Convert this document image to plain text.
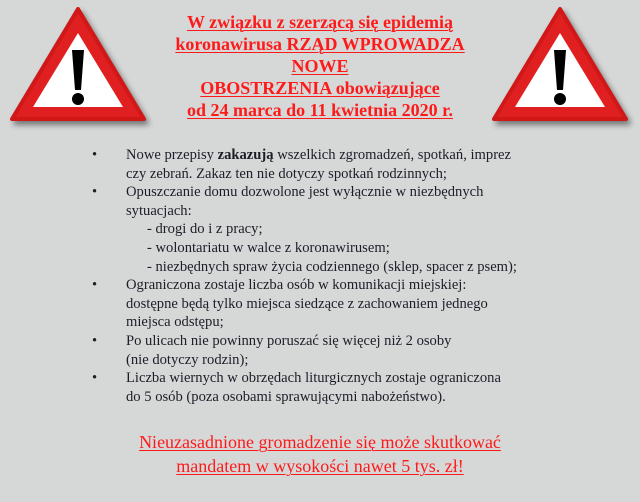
W związku z szerzącą się epidemią
koronawirusa RZĄD WPROWADZA NOWE
OBOSTRZENIA obowiązujące
od 24 marca do 11 kwietnia 2020 r.
• Nowe przepisy zakazują wszelkich zgromadzeń, spotkań, imprez
czy zebrań. Zakaz ten nie dotyczy spotkań rodzinnych;
• Opuszczanie domu dozwolone jest wyłącznie w niezbędnych
sytuacjach:
- drogi do i z pracy;
- wolontariatu w walce z koronawirusem;
- niezbędnych spraw życia codziennego (sklep, spacer z psem);
• Ograniczona zostaje liczba osób w komunikacji miejskiej:
dostępne będą tylko miejsca siedzące z zachowaniem jednego
miejsca odstępu;
• Po ulicach nie powinny poruszać się więcej niż 2 osoby
(nie dotyczy rodzin);
• Liczba wiernych w obrzędach liturgicznych zostaje ograniczona
do 5 osób (poza osobami sprawującymi nabożeństwo).
Nieuzasadnione gromadzenie się może skutkować
mandatem w wysokości nawet 5 tys. zł!
